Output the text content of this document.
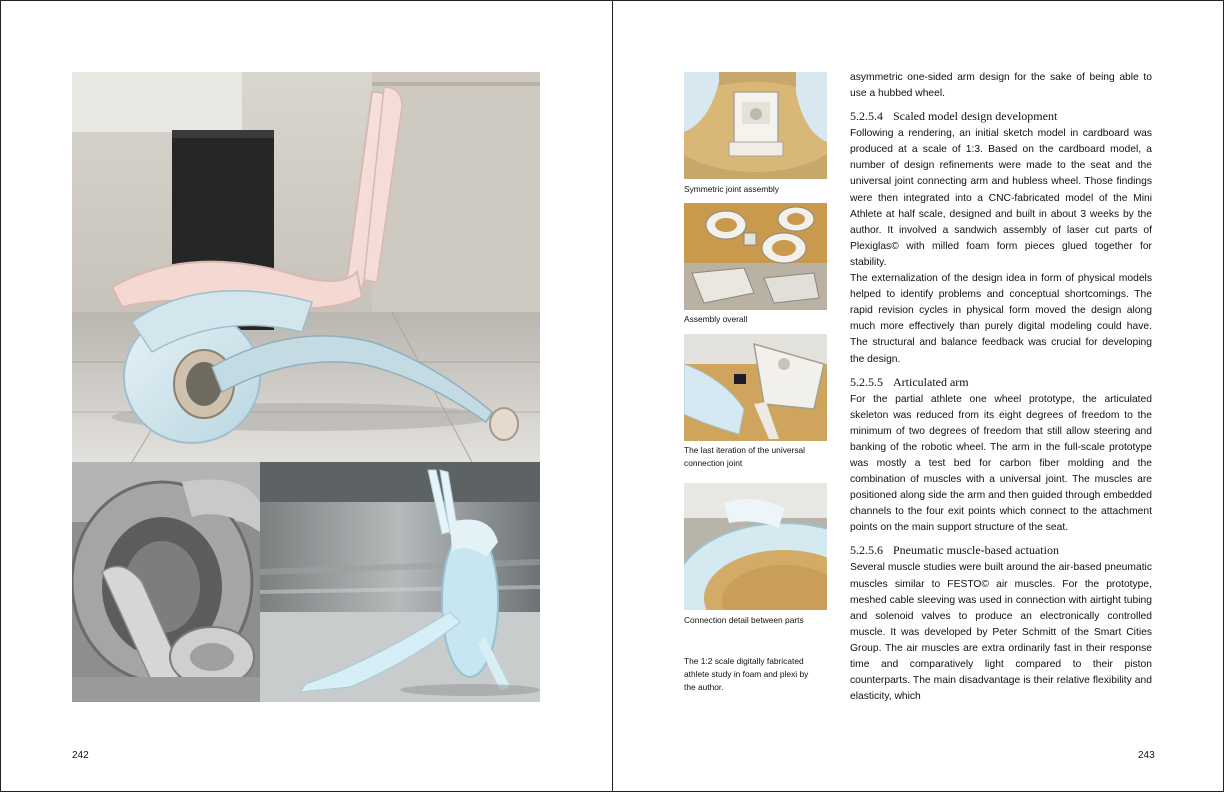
242
Symmetric joint assembly
Assembly overall
The last iteration of the universal connection joint
Connection detail between parts
The 1:2 scale digitally fabricated athlete study in foam and plexi by the author.

asymmetric one-sided arm design for the sake of being able to use a hubbed wheel.

5.2.5.4 Scaled model design development

Following a rendering, an initial sketch model in cardboard was produced at a scale of 1:3. Based on the cardboard model, a number of design refinements were made to the seat and the universal joint connecting arm and hubless wheel. Those findings were then integrated into a CNC-fabricated model of the Mini Athlete at half scale, designed and built in about 3 weeks by the author. It involved a sandwich assembly of laser cut parts of Plexiglas© with milled foam form pieces glued together for stability.

The externalization of the design idea in form of physical models helped to identify problems and conceptual shortcomings. The rapid revision cycles in physical form moved the design along much more effectively than purely digital modeling could have. The structural and balance feedback was crucial for developing the design.

5.2.5.5 Articulated arm

For the partial athlete one wheel prototype, the articulated skeleton was reduced from its eight degrees of freedom to the minimum of two degrees of freedom that still allow steering and banking of the robotic wheel. The arm in the full-scale prototype was mostly a test bed for carbon fiber molding and the combination of muscles with a universal joint. The muscles are positioned along side the arm and then guided through embedded channels to the four exit points which connect to the attachment points on the main support structure of the seat.

5.2.5.6 Pneumatic muscle-based actuation

Several muscle studies were built around the air-based pneumatic muscles similar to FESTO© air muscles. For the prototype, meshed cable sleeving was used in connection with airtight tubing and solenoid valves to produce an electronically controlled muscle. It was developed by Peter Schmitt of the Smart Cities Group. The air muscles are extra ordinarily fast in their response time and comparatively light compared to their piston counterparts. The main disadvantage is their relative flexibility and elasticity, which

243
